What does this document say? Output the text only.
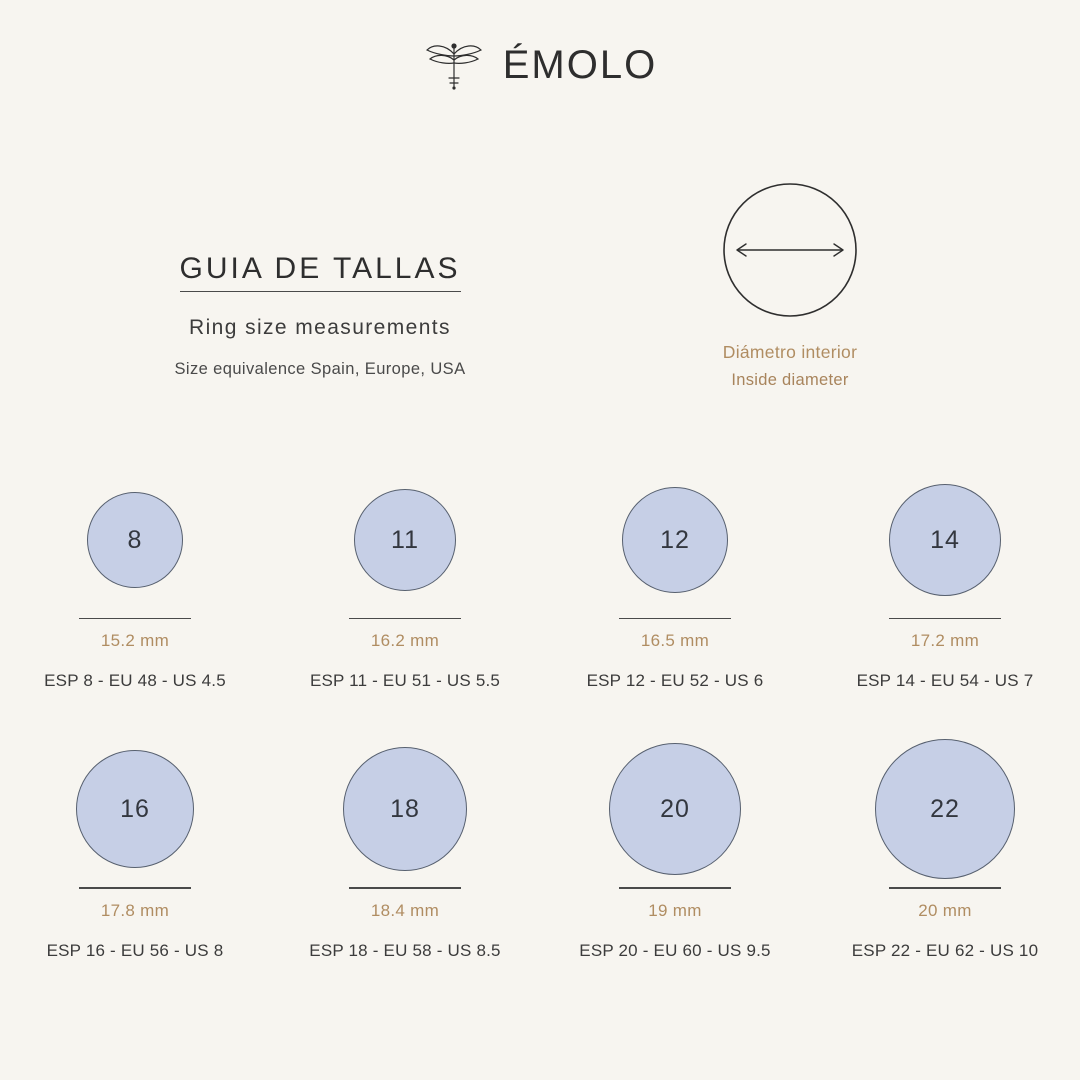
ÉMOLO
GUIA DE TALLAS
Ring size measurements
Size equivalence Spain, Europe, USA
Diámetro interior
Inside diameter
8
15.2 mm
ESP 8 - EU 48 - US 4.5
11
16.2 mm
ESP 11 - EU 51 - US 5.5
12
16.5 mm
ESP 12 - EU 52 - US 6
14
17.2 mm
ESP 14 - EU 54 - US 7
16
17.8 mm
ESP 16 - EU 56 - US 8
18
18.4 mm
ESP 18 - EU 58 - US 8.5
20
19 mm
ESP 20 - EU 60 - US 9.5
22
20 mm
ESP 22 - EU 62 - US 10
